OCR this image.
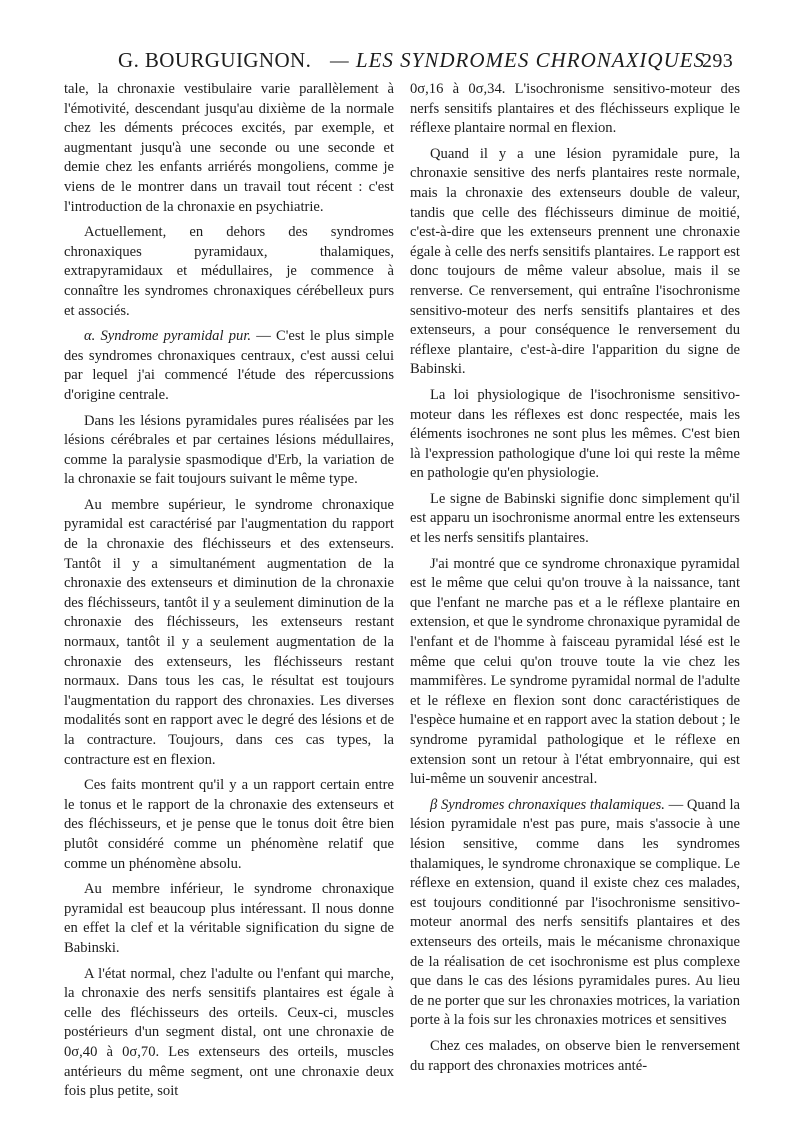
G. BOURGUIGNON. — LES SYNDROMES CHRONAXIQUES
293

tale, la chronaxie vestibulaire varie parallèlement à l'émotivité, descendant jusqu'au dixième de la normale chez les déments précoces excités, par exemple, et augmentant jusqu'à une seconde ou une seconde et demie chez les enfants arriérés mongoliens, comme je viens de le montrer dans un travail tout récent : c'est l'introduction de la chronaxie en psychiatrie.

Actuellement, en dehors des syndromes chronaxiques pyramidaux, thalamiques, extrapyramidaux et médullaires, je commence à connaître les syndromes chronaxiques cérébelleux purs et associés.

α. Syndrome pyramidal pur. — C'est le plus simple des syndromes chronaxiques centraux, c'est aussi celui par lequel j'ai commencé l'étude des répercussions d'origine centrale.

Dans les lésions pyramidales pures réalisées par les lésions cérébrales et par certaines lésions médullaires, comme la paralysie spasmodique d'Erb, la variation de la chronaxie se fait toujours suivant le même type.

Au membre supérieur, le syndrome chronaxique pyramidal est caractérisé par l'augmentation du rapport de la chronaxie des fléchisseurs et des extenseurs. Tantôt il y a simultanément augmentation de la chronaxie des extenseurs et diminution de la chronaxie des fléchisseurs, tantôt il y a seulement diminution de la chronaxie des fléchisseurs, les extenseurs restant normaux, tantôt il y a seulement augmentation de la chronaxie des extenseurs, les fléchisseurs restant normaux. Dans tous les cas, le résultat est toujours l'augmentation du rapport des chronaxies. Les diverses modalités sont en rapport avec le degré des lésions et de la contracture. Toujours, dans ces cas types, la contracture est en flexion.

Ces faits montrent qu'il y a un rapport certain entre le tonus et le rapport de la chronaxie des extenseurs et des fléchisseurs, et je pense que le tonus doit être bien plutôt considéré comme un phénomène relatif que comme un phénomène absolu.

Au membre inférieur, le syndrome chronaxique pyramidal est beaucoup plus intéressant. Il nous donne en effet la clef et la véritable signification du signe de Babinski.

A l'état normal, chez l'adulte ou l'enfant qui marche, la chronaxie des nerfs sensitifs plantaires est égale à celle des fléchisseurs des orteils. Ceux-ci, muscles postérieurs d'un segment distal, ont une chronaxie de 0σ,40 à 0σ,70. Les extenseurs des orteils, muscles antérieurs du même segment, ont une chronaxie deux fois plus petite, soit

0σ,16 à 0σ,34. L'isochronisme sensitivo-moteur des nerfs sensitifs plantaires et des fléchisseurs explique le réflexe plantaire normal en flexion.

Quand il y a une lésion pyramidale pure, la chronaxie sensitive des nerfs plantaires reste normale, mais la chronaxie des extenseurs double de valeur, tandis que celle des fléchisseurs diminue de moitié, c'est-à-dire que les extenseurs prennent une chronaxie égale à celle des nerfs sensitifs plantaires. Le rapport est donc toujours de même valeur absolue, mais il se renverse. Ce renversement, qui entraîne l'isochronisme sensitivo-moteur des nerfs sensitifs plantaires et des extenseurs, a pour conséquence le renversement du réflexe plantaire, c'est-à-dire l'apparition du signe de Babinski.

La loi physiologique de l'isochronisme sensitivo-moteur dans les réflexes est donc respectée, mais les éléments isochrones ne sont plus les mêmes. C'est bien là l'expression pathologique d'une loi qui reste la même en pathologie qu'en physiologie.

Le signe de Babinski signifie donc simplement qu'il est apparu un isochronisme anormal entre les extenseurs et les nerfs sensitifs plantaires.

J'ai montré que ce syndrome chronaxique pyramidal est le même que celui qu'on trouve à la naissance, tant que l'enfant ne marche pas et a le réflexe plantaire en extension, et que le syndrome chronaxique pyramidal de l'enfant et de l'homme à faisceau pyramidal lésé est le même que celui qu'on trouve toute la vie chez les mammifères. Le syndrome pyramidal normal de l'adulte et le réflexe en flexion sont donc caractéristiques de l'espèce humaine et en rapport avec la station debout ; le syndrome pyramidal pathologique et le réflexe en extension sont un retour à l'état embryonnaire, qui est lui-même un souvenir ancestral.

β Syndromes chronaxiques thalamiques. — Quand la lésion pyramidale n'est pas pure, mais s'associe à une lésion sensitive, comme dans les syndromes thalamiques, le syndrome chronaxique se complique. Le réflexe en extension, quand il existe chez ces malades, est toujours conditionné par l'isochronisme sensitivo-moteur anormal des nerfs sensitifs plantaires et des extenseurs des orteils, mais le mécanisme chronaxique de la réalisation de cet isochronisme est plus complexe que dans le cas des lésions pyramidales pures. Au lieu de ne porter que sur les chronaxies motrices, la variation porte à la fois sur les chronaxies motrices et sensitives

Chez ces malades, on observe bien le renversement du rapport des chronaxies motrices anté-
